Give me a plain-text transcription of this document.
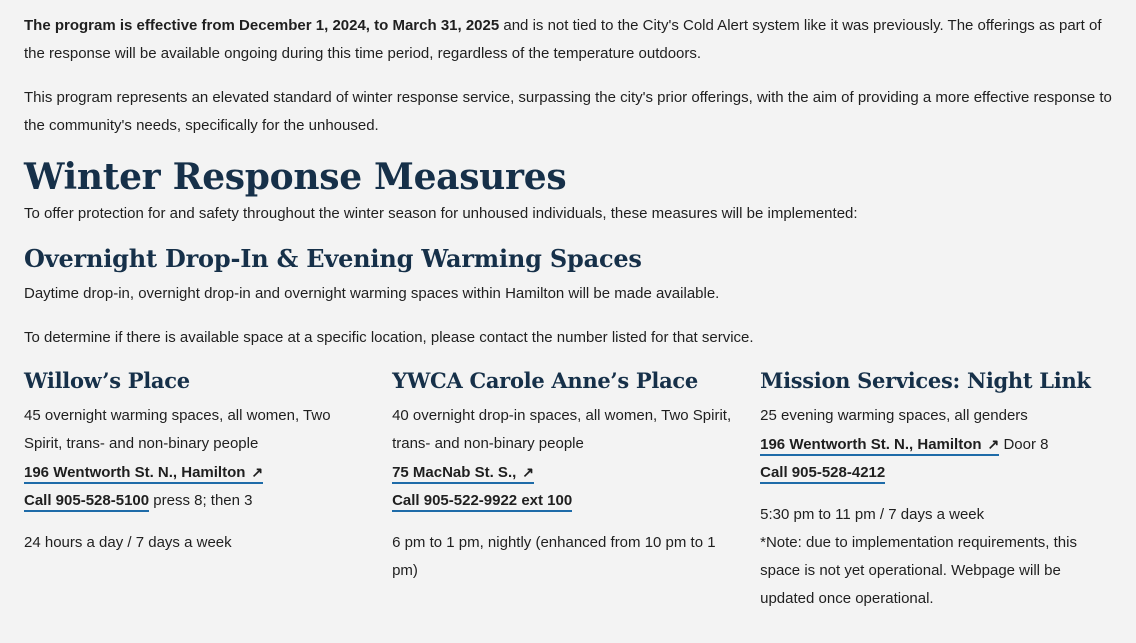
The program is effective from December 1, 2024, to March 31, 2025 and is not tied to the City's Cold Alert system like it was previously. The offerings as part of the response will be available ongoing during this time period, regardless of the temperature outdoors.

This program represents an elevated standard of winter response service, surpassing the city's prior offerings, with the aim of providing a more effective response to the community's needs, specifically for the unhoused.

Winter Response Measures

To offer protection for and safety throughout the winter season for unhoused individuals, these measures will be implemented:

Overnight Drop-In & Evening Warming Spaces

Daytime drop-in, overnight drop-in and overnight warming spaces within Hamilton will be made available.

To determine if there is available space at a specific location, please contact the number listed for that service.

Willow’s Place

45 overnight warming spaces, all women, Two Spirit, trans- and non-binary people

196 Wentworth St. N., Hamilton ↗

Call 905-528-5100 press 8; then 3

24 hours a day / 7 days a week

YWCA Carole Anne’s Place

40 overnight drop-in spaces, all women, Two Spirit, trans- and non-binary people

75 MacNab St. S., ↗

Call 905-522-9922 ext 100

6 pm to 1 pm, nightly (enhanced from 10 pm to 1 pm)

Mission Services: Night Link

25 evening warming spaces, all genders

196 Wentworth St. N., Hamilton ↗ Door 8

Call 905-528-4212

5:30 pm to 11 pm / 7 days a week

*Note: due to implementation requirements, this space is not yet operational. Webpage will be updated once operational.
